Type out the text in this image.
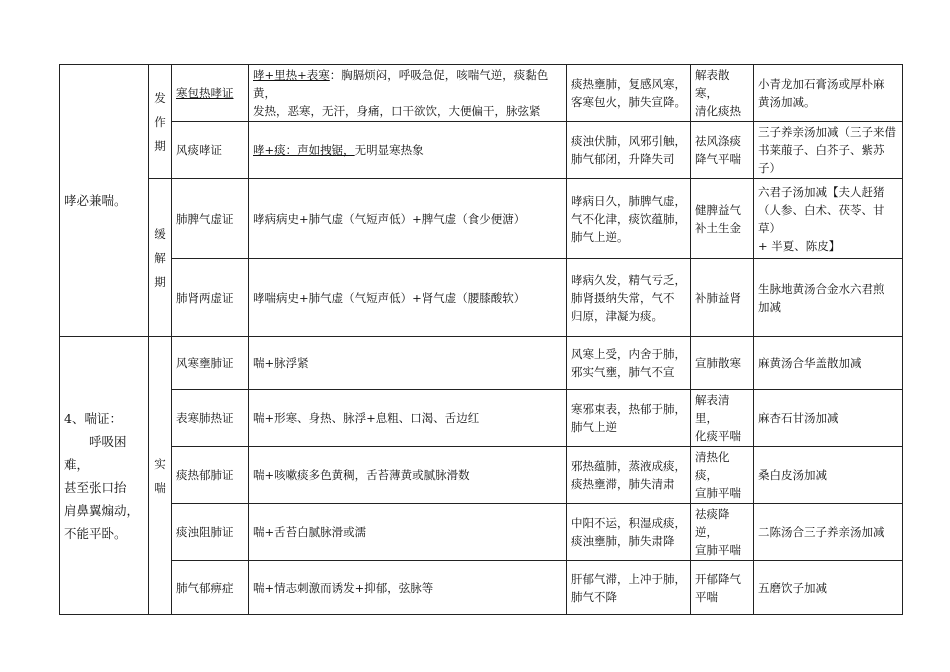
哮必兼喘。	发
作
期	寒包热哮证	哮+里热+表寒：胸膈烦闷，呼吸急促，咳喘气逆，痰黏色黄，
发热，恶寒，无汗，身痛，口干欲饮，大便偏干，脉弦紧	痰热壅肺，复感风寒，
客寒包火，肺失宣降。	解表散寒，
清化痰热	小青龙加石膏汤或厚朴麻
黄汤加减。

		风痰哮证	哮+痰：声如拽锯，无明显寒热象	痰浊伏肺，风邪引触，
肺气郁闭，升降失司	祛风涤痰
降气平喘	三子养亲汤加减（三子来借
书莱菔子、白芥子、紫苏子）

	缓
解
期	肺脾气虚证	哮病病史+肺气虚（气短声低）+脾气虚（食少便溏）	哮病日久，肺脾气虚，
气不化津，痰饮蕴肺，
肺气上逆。	健脾益气
补土生金	六君子汤加减【夫人赶猪
（人参、白术、茯苓、甘草）
+ 半夏、陈皮】

		肺肾两虚证	哮喘病史+肺气虚（气短声低）+肾气虚（腰膝酸软）	哮病久发，精气亏乏，
肺肾摄纳失常，气不
归原，津凝为痰。	补肺益肾	生脉地黄汤合金水六君煎
加减

4、喘证：
呼吸困难，
甚至张口抬
肩鼻翼煽动，
不能平卧。	实
喘	风寒壅肺证	喘+脉浮紧	风寒上受，内舍于肺，
邪实气壅，肺气不宣	宣肺散寒	麻黄汤合华盖散加减

		表寒肺热证	喘+形寒、身热、脉浮+息粗、口渴、舌边红	寒邪束表，热郁于肺，
肺气上逆	解表清里，
化痰平喘	麻杏石甘汤加减

		痰热郁肺证	喘+咳嗽痰多色黄稠，舌苔薄黄或腻脉滑数	邪热蕴肺，蒸液成痰，
痰热壅滞，肺失清肃	清热化痰，
宣肺平喘	桑白皮汤加减

		痰浊阻肺证	喘+舌苔白腻脉滑或濡	中阳不运，积湿成痰，
痰浊壅肺，肺失肃降	祛痰降逆，
宣肺平喘	二陈汤合三子养亲汤加减

		肺气郁痹症	喘+情志刺激而诱发+抑郁，弦脉等	肝郁气滞，上冲于肺，
肺气不降	开郁降气
平喘	五磨饮子加减
